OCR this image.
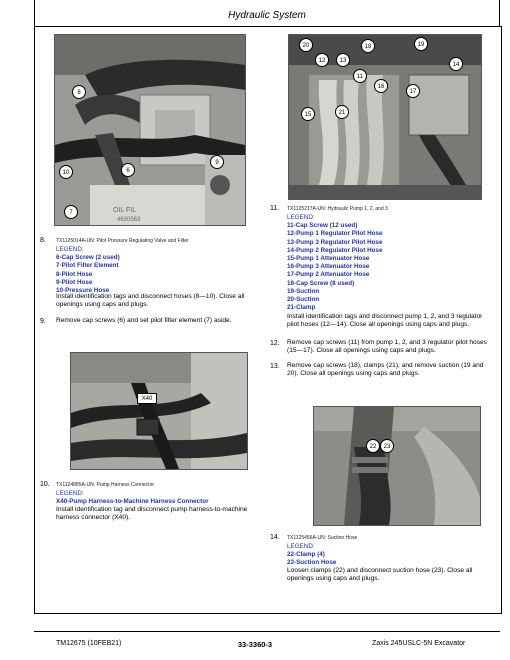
Hydraulic System
TM12675 (10FEB21)	33-3360-3	Zaxis 245USLC-5N Excavator
OIL FIL
4630563
8
6
10
9
7
8. TX1125014A-UN: Pilot Pressure Regulating Valve and Filter
LEGEND:
6-Cap Screw (2 used)
7-Pilot Filter Element
8-Pilot Hose
9-Pilot Hose
10-Pressure Hose
Install identification tags and disconnect hoses (8—10). Close all openings using caps and plugs.
9. Remove cap screws (6) and set pilot filter element (7) aside.
X40
10. TX1124885A-UN: Pump Harness Connector
LEGEND:
X40-Pump Harness-to-Machine Harness Connector
Install identification tag and disconnect pump harness-to-machine harness connector (X40).
20	18	19
12	13
11
14
16
17
21
15
11. TX1125217A-UN: Hydraulic Pump 1, 2, and 3
LEGEND:
11-Cap Screw (12 used)
12-Pump 1 Regulator Pilot Hose
13-Pump 3 Regulator Pilot Hose
14-Pump 2 Regulator Pilot Hose
15-Pump 1 Attenuator Hose
16-Pump 3 Attenuator Hose
17-Pump 2 Attenuator Hose
18-Cap Screw (8 used)
19-Suction
20-Suction
21-Clamp
Install identification tags and disconnect pump 1, 2, and 3 regulator pilot hoses (12—14). Close all openings using caps and plugs.
12. Remove cap screws (11) from pump 1, 2, and 3 regulator pilot hoses (15—17). Close all openings using caps and plugs.
13. Remove cap screws (18), clamps (21), and remove suction (19 and 20). Close all openings using caps and plugs.
22	23
14. TX1125456A-UN: Suction Hose
LEGEND:
22-Clamp (4)
23-Suction Hose
Loosen clamps (22) and disconnect suction hose (23). Close all openings using caps and plugs.
